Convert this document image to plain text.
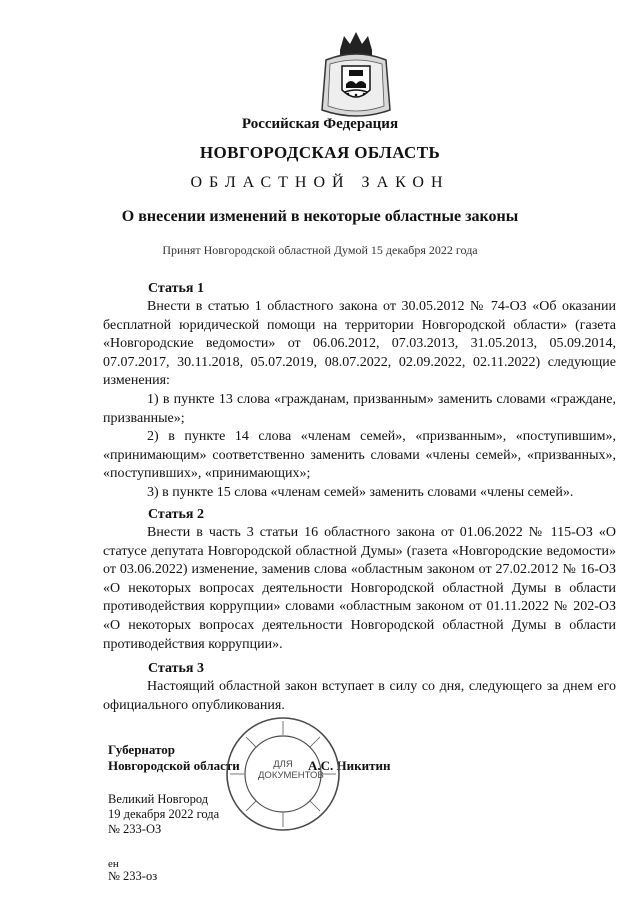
Российская Федерация
НОВГОРОДСКАЯ ОБЛАСТЬ
ОБЛАСТНОЙ ЗАКОН
О внесении изменений в некоторые областные законы
Принят Новгородской областной Думой 15 декабря 2022 года
Статья 1

Внести в статью 1 областного закона от 30.05.2012 № 74-ОЗ «Об оказании бесплатной юридической помощи на территории Новгородской области» (газета «Новгородские ведомости» от 06.06.2012, 07.03.2013, 31.05.2013, 05.09.2014, 07.07.2017, 30.11.2018, 05.07.2019, 08.07.2022, 02.09.2022, 02.11.2022) следующие изменения:

1) в пункте 13 слова «гражданам, призванным» заменить словами «граждане, призванные»;

2) в пункте 14 слова «членам семей», «призванным», «поступившим», «принимающим» соответственно заменить словами «члены семей», «призванных», «поступивших», «принимающих»;

3) в пункте 15 слова «членам семей» заменить словами «члены семей».

Статья 2

Внести в часть 3 статьи 16 областного закона от 01.06.2022 № 115-ОЗ «О статусе депутата Новгородской областной Думы» (газета «Новгородские ведомости» от 03.06.2022) изменение, заменив слова «областным законом от 27.02.2012 № 16-ОЗ «О некоторых вопросах деятельности Новгородской областной Думы в области противодействия коррупции» словами «областным законом от 01.11.2022 № 202-ОЗ «О некоторых вопросах деятельности Новгородской областной Думы в области противодействия коррупции».

Статья 3

Настоящий областной закон вступает в силу со дня, следующего за днем его официального опубликования.

Губернатор
Новгородской области	А.С. Никитин
ДЛЯ ДОКУМЕНТОВ
Великий Новгород
19 декабря 2022 года
№ 233-ОЗ
ен
№ 233-оз
